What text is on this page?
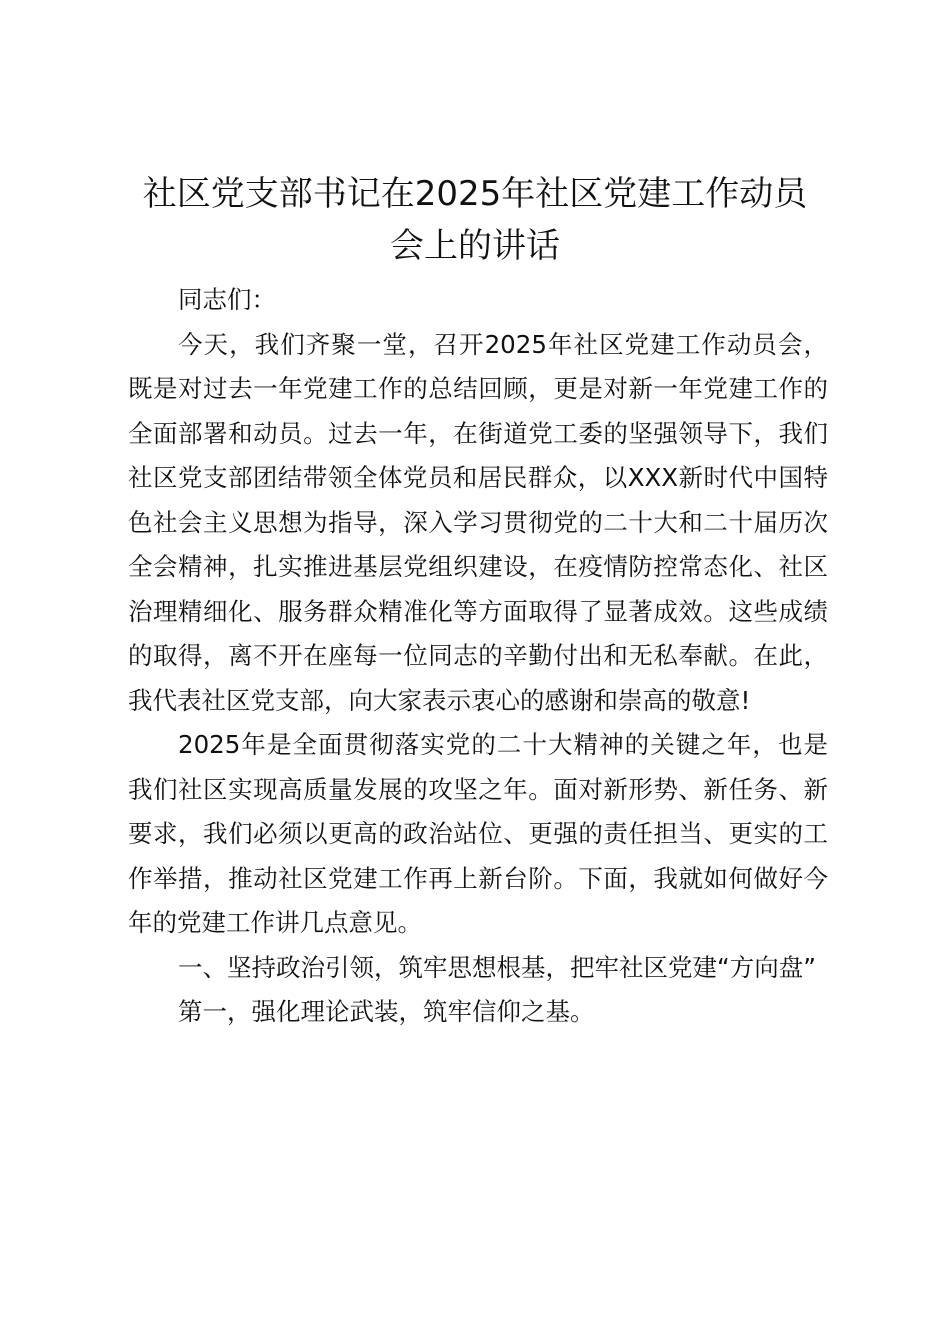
社区党支部书记在2025年社区党建工作动员
会上的讲话

同志们：

今天，我们齐聚一堂，召开2025年社区党建工作动员会，既是对过去一年党建工作的总结回顾，更是对新一年党建工作的全面部署和动员。过去一年，在街道党工委的坚强领导下，我们社区党支部团结带领全体党员和居民群众，以XXX新时代中国特色社会主义思想为指导，深入学习贯彻党的二十大和二十届历次全会精神，扎实推进基层党组织建设，在疫情防控常态化、社区治理精细化、服务群众精准化等方面取得了显著成效。这些成绩的取得，离不开在座每一位同志的辛勤付出和无私奉献。在此，我代表社区党支部，向大家表示衷心的感谢和崇高的敬意!

2025年是全面贯彻落实党的二十大精神的关键之年，也是我们社区实现高质量发展的攻坚之年。面对新形势、新任务、新要求，我们必须以更高的政治站位、更强的责任担当、更实的工作举措，推动社区党建工作再上新台阶。下面，我就如何做好今年的党建工作讲几点意见。

一、坚持政治引领，筑牢思想根基，把牢社区党建“方向盘”

第一，强化理论武装，筑牢信仰之基。
